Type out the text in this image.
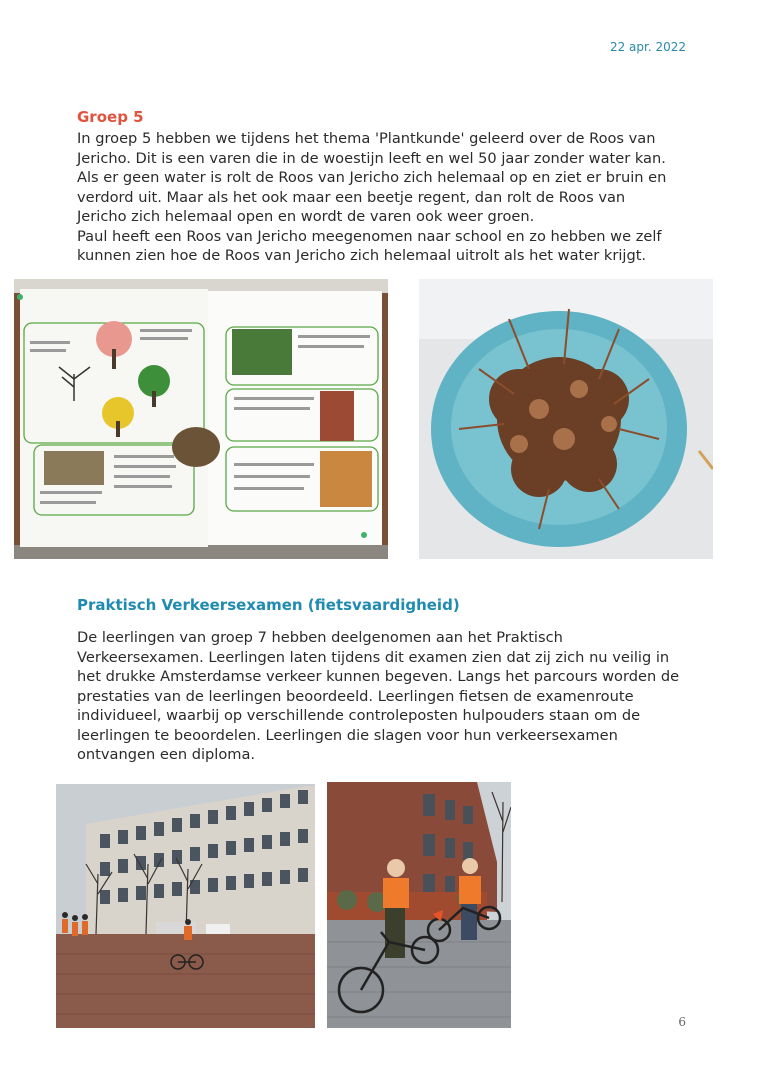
22 apr. 2022
Groep 5

In groep 5 hebben we tijdens het thema 'Plantkunde' geleerd over de Roos van
Jericho. Dit is een varen die in de woestijn leeft en wel 50 jaar zonder water kan.
Als er geen water is rolt de Roos van Jericho zich helemaal op en ziet er bruin en
verdord uit. Maar als het ook maar een beetje regent, dan rolt de Roos van
Jericho zich helemaal open en wordt de varen ook weer groen.
Paul heeft een Roos van Jericho meegenomen naar school en zo hebben we zelf
kunnen zien hoe de Roos van Jericho zich helemaal uitrolt als het water krijgt.

Praktisch Verkeersexamen (fietsvaardigheid)

De leerlingen van groep 7 hebben deelgenomen aan het Praktisch
Verkeersexamen. Leerlingen laten tijdens dit examen zien dat zij zich nu veilig in
het drukke Amsterdamse verkeer kunnen begeven. Langs het parcours worden de
prestaties van de leerlingen beoordeeld. Leerlingen fietsen de examenroute
individueel, waarbij op verschillende controleposten hulpouders staan om de
leerlingen te beoordelen. Leerlingen die slagen voor hun verkeersexamen
ontvangen een diploma.

6
